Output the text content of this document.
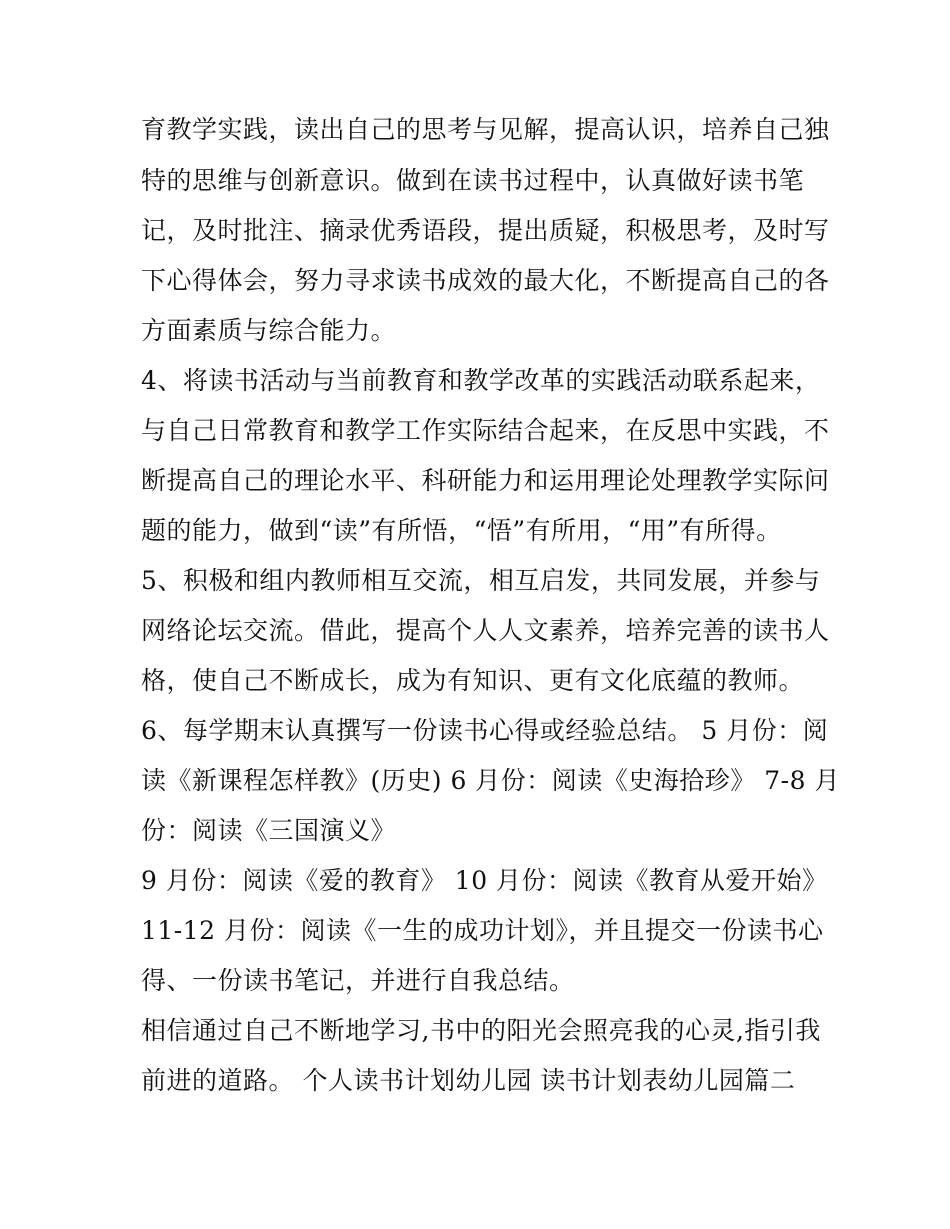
育教学实践，读出自己的思考与见解，提高认识，培养自己独
特的思维与创新意识。做到在读书过程中，认真做好读书笔
记，及时批注、摘录优秀语段，提出质疑，积极思考，及时写
下心得体会，努力寻求读书成效的最大化，不断提高自己的各
方面素质与综合能力。
4、将读书活动与当前教育和教学改革的实践活动联系起来，
与自己日常教育和教学工作实际结合起来，在反思中实践，不
断提高自己的理论水平、科研能力和运用理论处理教学实际问
题的能力，做到“读”有所悟，“悟”有所用，“用”有所得。
5、积极和组内教师相互交流，相互启发，共同发展，并参与
网络论坛交流。借此，提高个人人文素养，培养完善的读书人
格，使自己不断成长，成为有知识、更有文化底蕴的教师。
6、每学期末认真撰写一份读书心得或经验总结。 5 月份：阅
读《新课程怎样教》(历史) 6 月份：阅读《史海拾珍》 7-8 月
份：阅读《三国演义》
9 月份：阅读《爱的教育》 10 月份：阅读《教育从爱开始》
11-12 月份：阅读《一生的成功计划》，并且提交一份读书心
得、一份读书笔记，并进行自我总结。
相信通过自己不断地学习,书中的阳光会照亮我的心灵,指引我
前进的道路。 个人读书计划幼儿园 读书计划表幼儿园篇二
